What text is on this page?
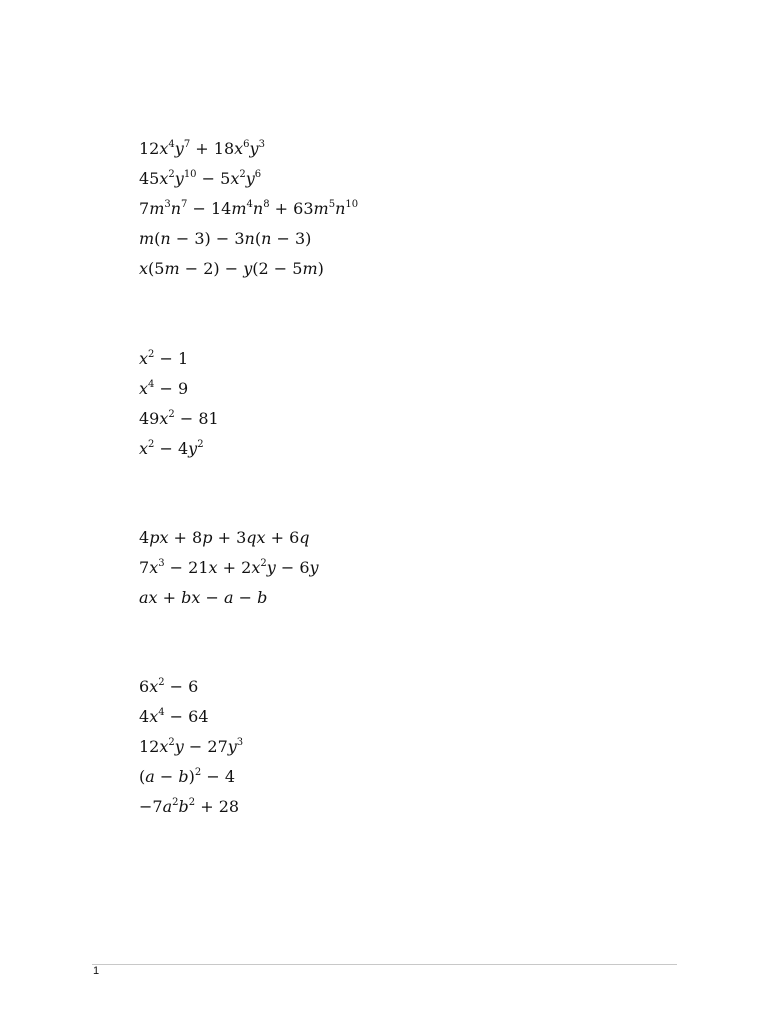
$12x^4y^7 + 18x^6y^3$
$45x^2y^{10} - 5x^2y^6$
$7m^3n^7 - 14m^4n^8 + 63m^5n^{10}$
m(n − 3) − 3n(n − 3)
x(5m − 2) − y(2 − 5m)
$x^2 - 1$
$x^4 - 9$
$49x^2 - 81$
$x^2 - 4y^2$
4px + 8p + 3qx + 6q
$7x^3 - 21x + 2x^2y - 6y$
ax + bx − a − b
$6x^2 - 6$
$4x^4 - 64$
$12x^2y - 27y^3$
$(a - b)^2 - 4$
$-7a^2b^2 + 28$
1
